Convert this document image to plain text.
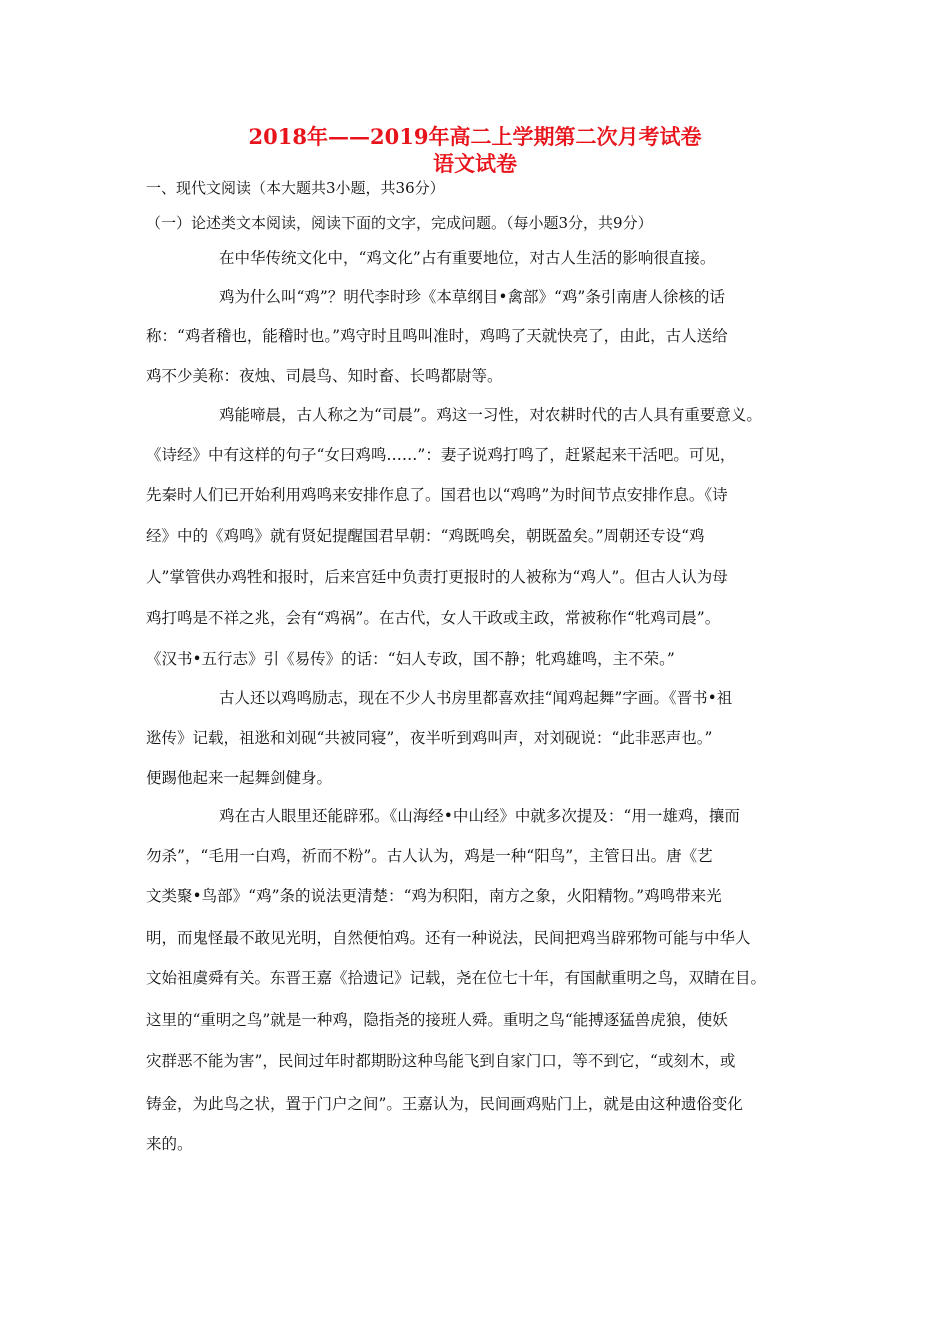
2018年——2019年高二上学期第二次月考试卷
语文试卷
一、现代文阅读（本大题共3小题，共36分）
（一）论述类文本阅读，阅读下面的文字，完成问题。（每小题3分，共9分）
在中华传统文化中，“鸡文化”占有重要地位，对古人生活的影响很直接。
鸡为什么叫“鸡”？明代李时珍《本草纲目•禽部》“鸡”条引南唐人徐核的话
称：“鸡者稽也，能稽时也。”鸡守时且鸣叫准时，鸡鸣了天就快亮了，由此，古人送给
鸡不少美称：夜烛、司晨鸟、知时畜、长鸣都尉等。
鸡能啼晨，古人称之为“司晨”。鸡这一习性，对农耕时代的古人具有重要意义。
《诗经》中有这样的句子“女曰鸡鸣……”：妻子说鸡打鸣了，赶紧起来干活吧。可见，
先秦时人们已开始利用鸡鸣来安排作息了。国君也以“鸡鸣”为时间节点安排作息。《诗
经》中的《鸡鸣》就有贤妃提醒国君早朝：“鸡既鸣矣，朝既盈矣。”周朝还专设“鸡
人”掌管供办鸡牲和报时，后来宫廷中负责打更报时的人被称为“鸡人”。但古人认为母
鸡打鸣是不祥之兆，会有“鸡祸”。在古代，女人干政或主政，常被称作“牝鸡司晨”。
《汉书•五行志》引《易传》的话：“妇人专政，国不静；牝鸡雄鸣，主不荣。”
古人还以鸡鸣励志，现在不少人书房里都喜欢挂“闻鸡起舞”字画。《晋书•祖
逖传》记载，祖逖和刘砚“共被同寝”，夜半听到鸡叫声，对刘砚说：“此非恶声也。”
便踢他起来一起舞剑健身。
鸡在古人眼里还能辟邪。《山海经•中山经》中就多次提及：“用一雄鸡，攘而
勿杀”，“毛用一白鸡，祈而不粉”。古人认为，鸡是一种“阳鸟”，主管日出。唐《艺
文类聚•鸟部》“鸡”条的说法更清楚：“鸡为积阳，南方之象，火阳精物。”鸡鸣带来光
明，而鬼怪最不敢见光明，自然便怕鸡。还有一种说法，民间把鸡当辟邪物可能与中华人
文始祖虞舜有关。东晋王嘉《拾遗记》记载，尧在位七十年，有国献重明之鸟，双睛在目。
这里的“重明之鸟”就是一种鸡，隐指尧的接班人舜。重明之鸟“能搏逐猛兽虎狼，使妖
灾群恶不能为害”，民间过年时都期盼这种鸟能飞到自家门口，等不到它，“或刻木，或
铸金，为此鸟之状，置于门户之间”。王嘉认为，民间画鸡贴门上，就是由这种遗俗变化
来的。
